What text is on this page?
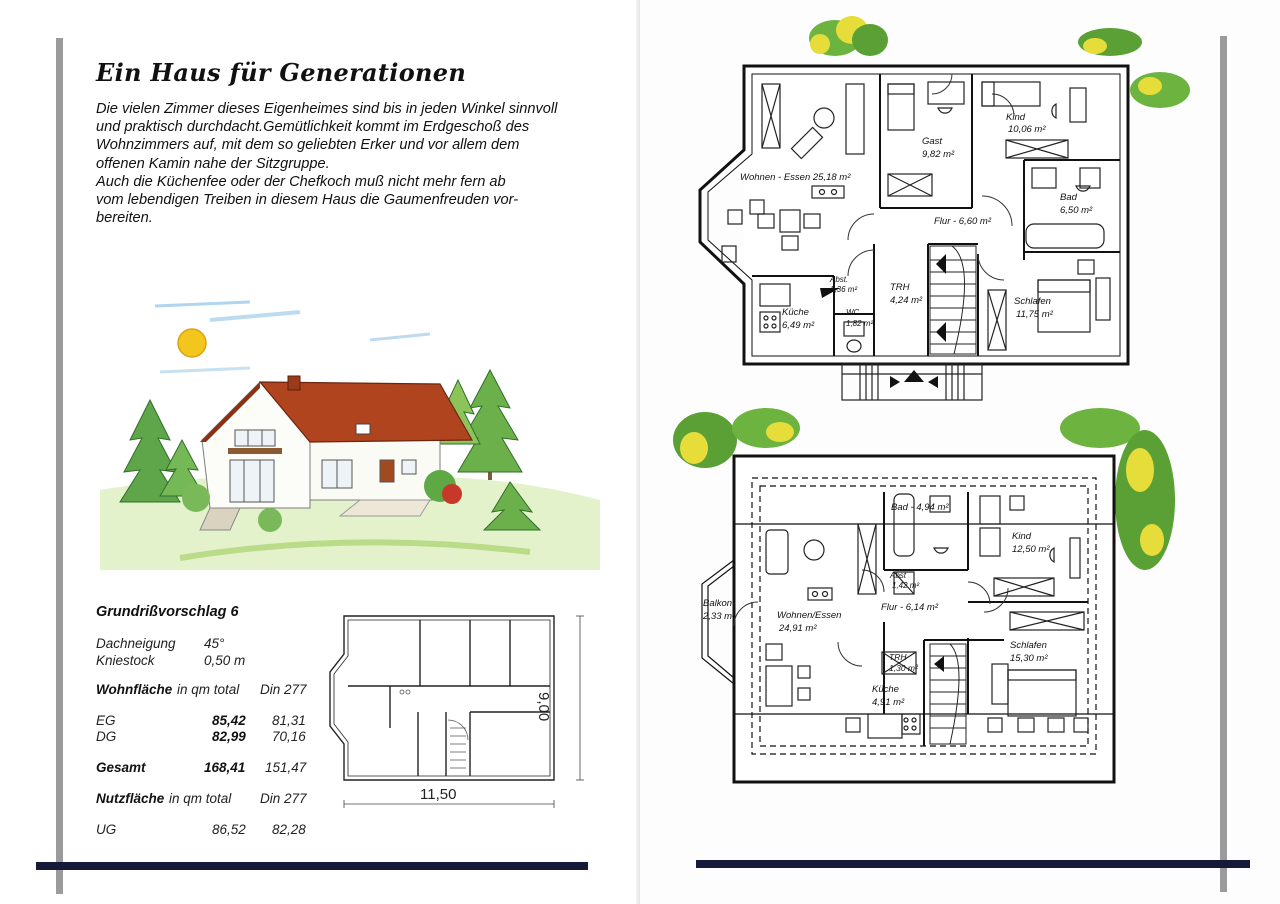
Ein Haus für Generationen

Die vielen Zimmer dieses Eigenheimes sind bis in jeden Winkel sinnvoll

und praktisch durchdacht.Gemütlichkeit kommt im Erdgeschoß des

Wohnzimmers auf, mit dem so geliebten Erker und vor allem dem

offenen Kamin nahe der Sitzgruppe.

Auch die Küchenfee oder der Chefkoch muß nicht mehr fern ab

vom lebendigen Treiben in diesem Haus die Gaumenfreuden vor-

bereiten.

Grundrißvorschlag 6
Dachneigung 45°
Kniestock	0,50 m
Wohnfläche in qm total Din 277
EG	85,42 81,31
DG	82,99 70,16
Gesamt	168,41 151,47
Nutzfläche in qm total Din 277
UG	86,52 82,28
11,50
9,00
Wohnen - Essen 25,18 m²
Gast
9,82 m²
Kind
10,06 m²
Bad
6,50 m²
Flur - 6,60 m²
Abst.
1,36 m²	TRH
4,24 m²
Küche
6,49 m²
WC
1,82 m²
Schlafen
11,75 m²
Bad - 4,94 m²
Kind
12,50 m²
Abst
1,42 m²
Balkon
2,33 m²	Wohnen/Essen
24,91 m²
Flur - 6,14 m²
TRH
1,30 m²
Küche
4,91 m²
Schlafen
15,30 m²
